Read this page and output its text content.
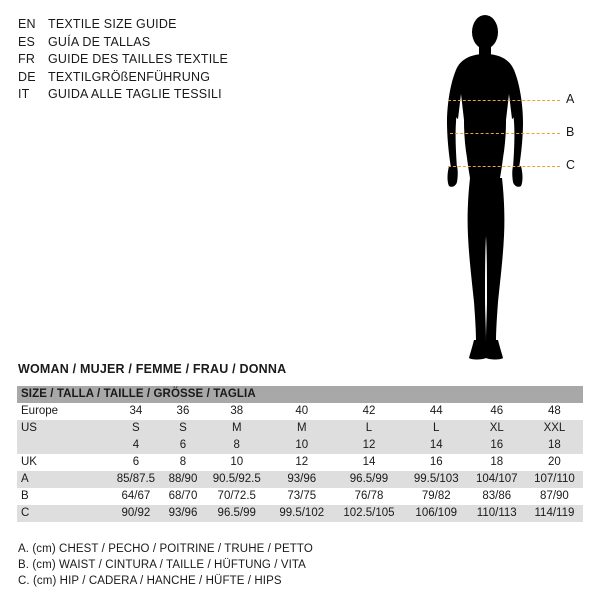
EN TEXTILE SIZE GUIDE
ES	GUÍA DE TALLAS
FR	GUIDE DES TAILLES TEXTILE
DE TEXTILGRÖßENFÜHRUNG
IT	GUIDA ALLE TAGLIE TESSILI	A
B
C
WOMAN / MUJER / FEMME / FRAU / DONNA
SIZE / TALLA / TAILLE / GRÖSSE / TAGLIA								
Europe	34	36	38	40	42	44	46	48
US	S	S	M	M	L	L	XL	XXL
	4	6	8	10	12	14	16	18
UK	6	8	10	12	14	16	18	20
A	85/87.5	88/90	90.5/92.5	93/96	96.5/99	99.5/103	104/107	107/110
B	64/67	68/70	70/72.5	73/75	76/78	79/82	83/86	87/90
C	90/92	93/96	96.5/99	99.5/102	102.5/105	106/109	110/113	114/119
A. (cm) CHEST / PECHO / POITRINE / TRUHE / PETTO
B. (cm) WAIST / CINTURA / TAILLE / HÜFTUNG / VITA
C. (cm) HIP / CADERA / HANCHE / HÜFTE / HIPS
